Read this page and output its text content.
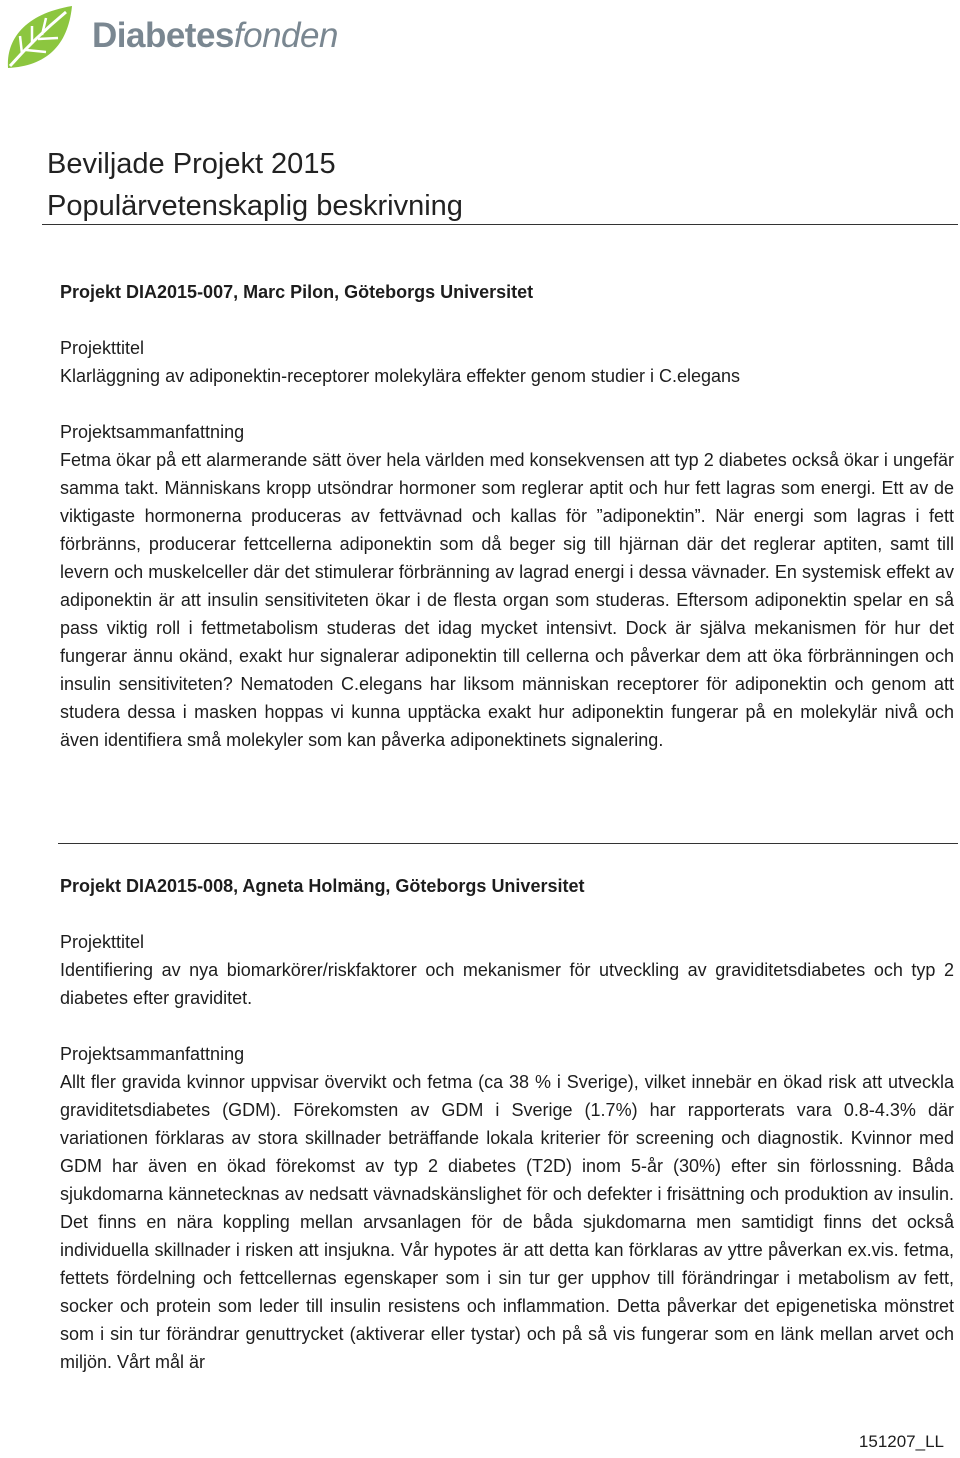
Diabetesfonden
Beviljade Projekt 2015
Populärvetenskaplig beskrivning

Projekt DIA2015-007, Marc Pilon, Göteborgs Universitet

Projekttitel

Klarläggning av adiponektin-receptorer molekylära effekter genom studier i C.elegans

Projektsammanfattning

Fetma ökar på ett alarmerande sätt över hela världen med konsekvensen att typ 2 diabetes också ökar i ungefär samma takt. Människans kropp utsöndrar hormoner som reglerar aptit och hur fett lagras som energi. Ett av de viktigaste hormonerna produceras av fettvävnad och kallas för ”adiponektin”. När energi som lagras i fett förbränns, producerar fettcellerna adiponektin som då beger sig till hjärnan där det reglerar aptiten, samt till levern och muskelceller där det stimulerar förbränning av lagrad energi i dessa vävnader. En systemisk effekt av adiponektin är att insulin sensitiviteten ökar i de flesta organ som studeras. Eftersom adiponektin spelar en så pass viktig roll i fettmetabolism studeras det idag mycket intensivt. Dock är själva mekanismen för hur det fungerar ännu okänd, exakt hur signalerar adiponektin till cellerna och påverkar dem att öka förbränningen och insulin sensitiviteten? Nematoden C.elegans har liksom människan receptorer för adiponektin och genom att studera dessa i masken hoppas vi kunna upptäcka exakt hur adiponektin fungerar på en molekylär nivå och även identifiera små molekyler som kan påverka adiponektinets signalering.

Projekt DIA2015-008, Agneta Holmäng, Göteborgs Universitet

Projekttitel

Identifiering av nya biomarkörer/riskfaktorer och mekanismer för utveckling av graviditetsdiabetes och typ 2 diabetes efter graviditet.

Projektsammanfattning

Allt fler gravida kvinnor uppvisar övervikt och fetma (ca 38 % i Sverige), vilket innebär en ökad risk att utveckla graviditetsdiabetes (GDM). Förekomsten av GDM i Sverige (1.7%) har rapporterats vara 0.8-4.3% där variationen förklaras av stora skillnader beträffande lokala kriterier för screening och diagnostik. Kvinnor med GDM har även en ökad förekomst av typ 2 diabetes (T2D) inom 5-år (30%) efter sin förlossning. Båda sjukdomarna kännetecknas av nedsatt vävnadskänslighet för och defekter i frisättning och produktion av insulin. Det finns en nära koppling mellan arvsanlagen för de båda sjukdomarna men samtidigt finns det också individuella skillnader i risken att insjukna. Vår hypotes är att detta kan förklaras av yttre påverkan ex.vis. fetma, fettets fördelning och fettcellernas egenskaper som i sin tur ger upphov till förändringar i metabolism av fett, socker och protein som leder till insulin resistens och inflammation. Detta påverkar det epigenetiska mönstret som i sin tur förändrar genuttrycket (aktiverar eller tystar) och på så vis fungerar som en länk mellan arvet och miljön. Vårt mål är

151207_LL
